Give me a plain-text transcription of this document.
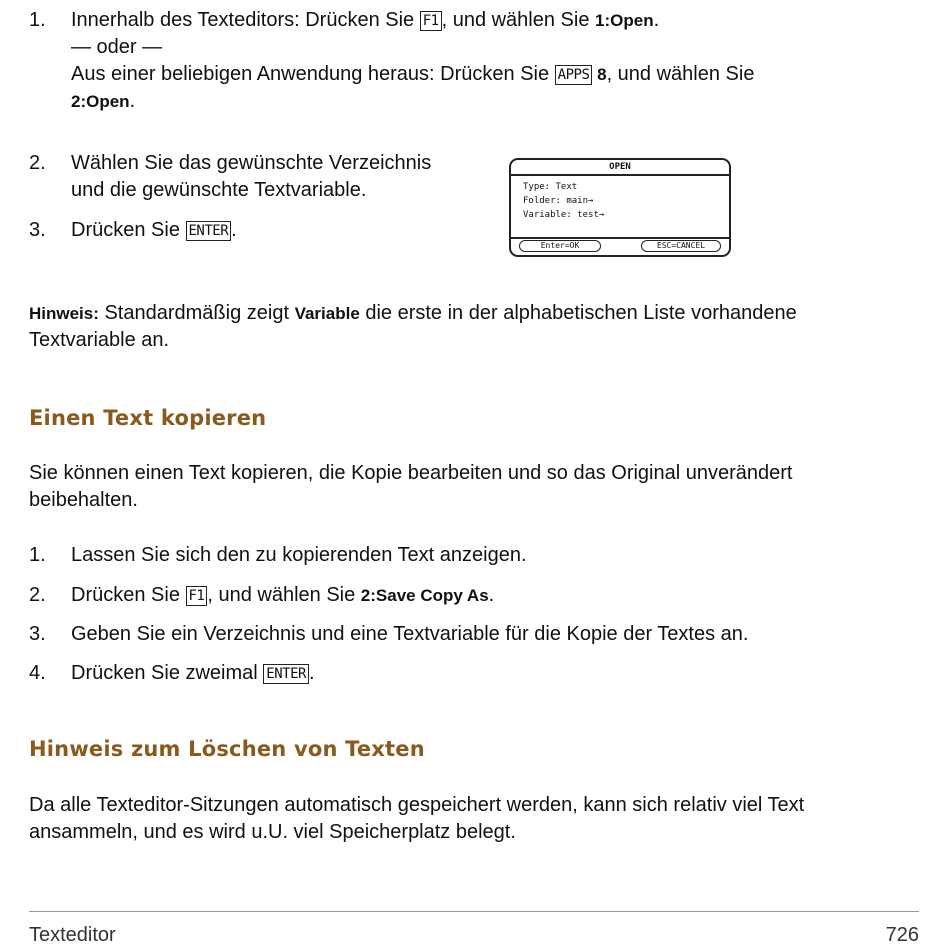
1.	Innerhalb des Texteditors: Drücken Sie F1 , und wählen Sie 1:Open.
— oder —
Aus einer beliebigen Anwendung heraus: Drücken Sie APPS 8, und wählen Sie
2:Open.
2.	Wählen Sie das gewünschte Verzeichnis
und die gewünschte Textvariable.
3.	Drücken Sie ENTER .
OPEN
Type: Text
Folder: main→
Variable: test→
Enter=OK	ESC=CANCEL
Hinweis: Standardmäßig zeigt Variable die erste in der alphabetischen Liste vorhandene
Textvariable an.
Einen Text kopieren
Sie können einen Text kopieren, die Kopie bearbeiten und so das Original unverändert
beibehalten.
1.	Lassen Sie sich den zu kopierenden Text anzeigen.
2.	Drücken Sie F1 , und wählen Sie 2:Save Copy As.
3.	Geben Sie ein Verzeichnis und eine Textvariable für die Kopie der Textes an.
4.	Drücken Sie zweimal ENTER .
Hinweis zum Löschen von Texten
Da alle Texteditor-Sitzungen automatisch gespeichert werden, kann sich relativ viel Text
ansammeln, und es wird u.U. viel Speicherplatz belegt.
Texteditor	726
